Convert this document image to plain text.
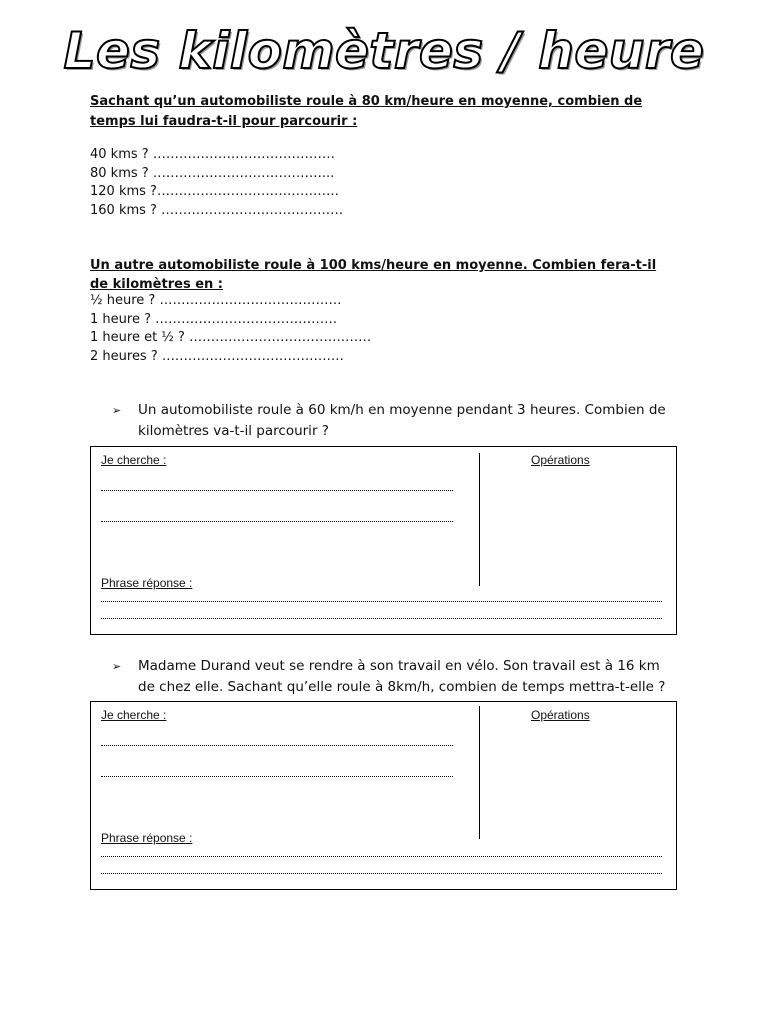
Les kilomètres / heure
Sachant qu’un automobiliste roule à 80 km/heure en moyenne, combien de temps lui faudra-t-il pour parcourir :
40 kms ? ……………………………………
80 kms ? …………………………………...
120 kms ?……………………………………
160 kms ? ……………………………………
Un autre automobiliste roule à 100 kms/heure en moyenne. Combien fera-t-il de kilomètres en :
½ heure ? ……………………………………
1 heure ? ……………………………………
1 heure et ½ ? ……………………………………
2 heures ? ……………………………………
➢	Un automobiliste roule à 60 km/h en moyenne pendant 3 heures. Combien de kilomètres va-t-il parcourir ?
Je cherche :	Opérations
Phrase réponse :
➢	Madame Durand veut se rendre à son travail en vélo. Son travail est à 16 km de chez elle. Sachant qu’elle roule à 8km/h, combien de temps mettra-t-elle ?
Je cherche :	Opérations
Phrase réponse :
